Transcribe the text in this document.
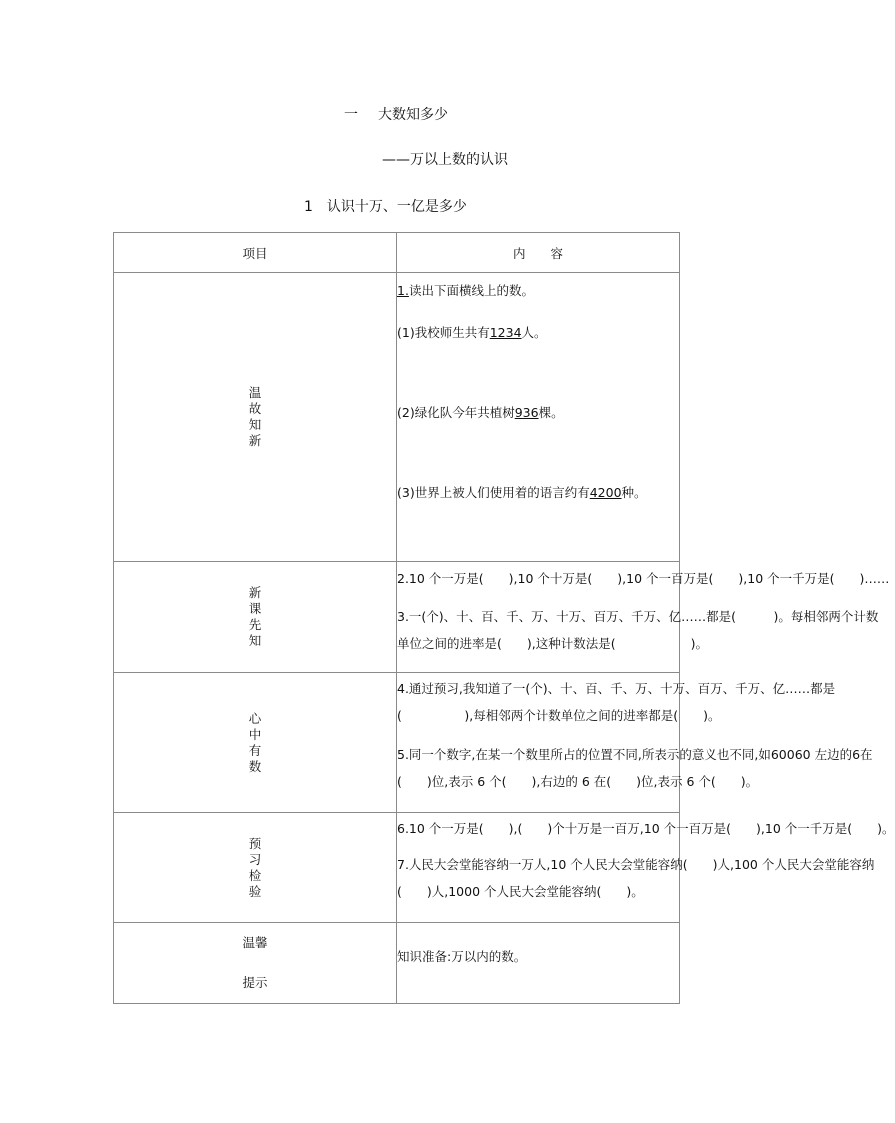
一 大数知多少
——万以上数的认识
1 认识十万、一亿是多少
项目	内　　容
温故知新	1.读出下面横线上的数。
(1)我校师生共有1234人。
(2)绿化队今年共植树936棵。
(3)世界上被人们使用着的语言约有4200种。

新课先知	2.10 个一万是(　　),10 个十万是(　　),10 个一百万是(　　),10 个一千万是(　　)……
3.一(个)、十、百、千、万、十万、百万、千万、亿……都是(　　　)。每相邻两个计数
单位之间的进率是(　　),这种计数法是(　　　　　　)。

心中有数	4.通过预习,我知道了一(个)、十、百、千、万、十万、百万、千万、亿……都是
(　　　　　),每相邻两个计数单位之间的进率都是(　　)。
5.同一个数字,在某一个数里所占的位置不同,所表示的意义也不同,如60060 左边的6在
(　　)位,表示 6 个(　　),右边的 6 在(　　)位,表示 6 个(　　)。

预习检验	6.10 个一万是(　　),(　　)个十万是一百万,10 个一百万是(　　),10 个一千万是(　　)。
7.人民大会堂能容纳一万人,10 个人民大会堂能容纳(　　)人,100 个人民大会堂能容纳
(　　)人,1000 个人民大会堂能容纳(　　)。

温馨
提示	知识准备:万以内的数。
